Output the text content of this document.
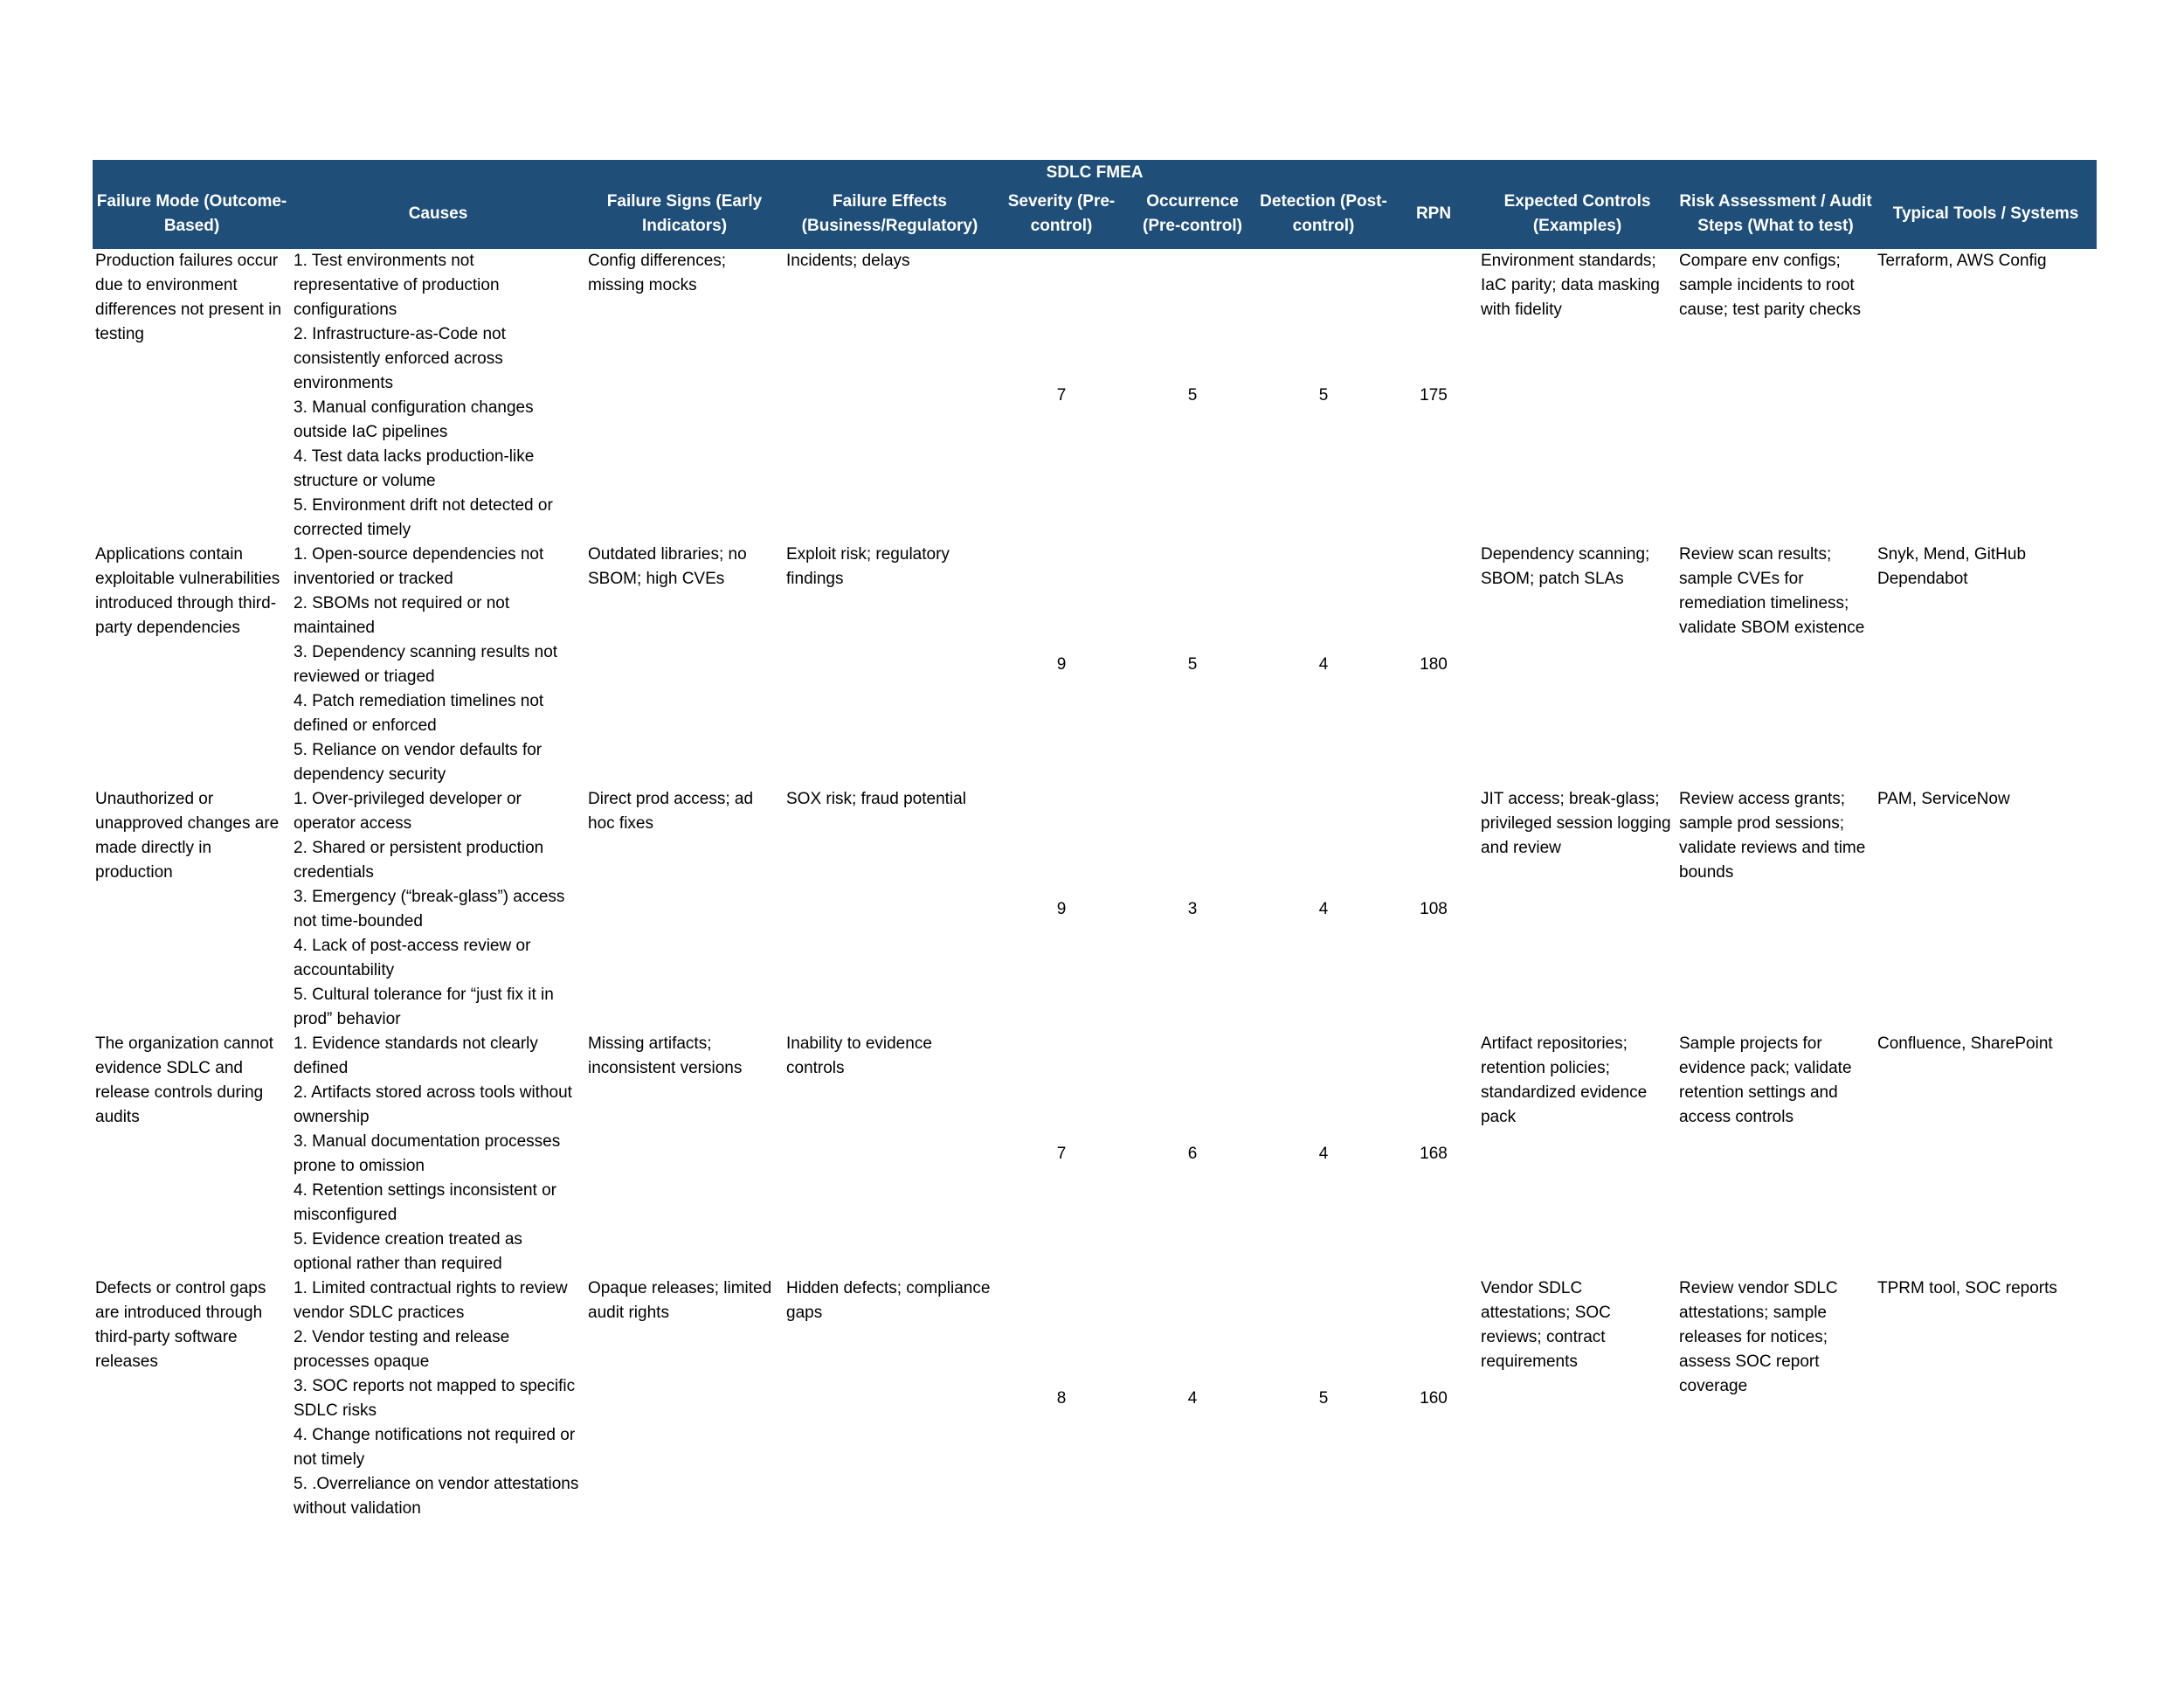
SDLC FMEA										
Failure Mode (Outcome-Based)	Causes	Failure Signs (Early Indicators)	Failure Effects (Business/Regulatory)	Severity (Pre-control)	Occurrence (Pre-control)	Detection (Post-control)	RPN	Expected Controls (Examples)	Risk Assessment / Audit Steps (What to test)	Typical Tools / Systems
Production failures occur due to environment differences not present in testing	1. Test environments not representative of production configurations
2. Infrastructure-as-Code not consistently enforced across environments
3. Manual configuration changes outside IaC pipelines
4. Test data lacks production-like structure or volume
5. Environment drift not detected or corrected timely	Config differences; missing mocks	Incidents; delays	7	5	5	175	Environment standards; IaC parity; data masking with fidelity	Compare env configs; sample incidents to root cause; test parity checks	Terraform, AWS Config
Applications contain exploitable vulnerabilities introduced through third-party dependencies	1. Open-source dependencies not inventoried or tracked
2. SBOMs not required or not maintained
3. Dependency scanning results not reviewed or triaged
4. Patch remediation timelines not defined or enforced
5. Reliance on vendor defaults for dependency security	Outdated libraries; no SBOM; high CVEs	Exploit risk; regulatory findings	9	5	4	180	Dependency scanning; SBOM; patch SLAs	Review scan results; sample CVEs for remediation timeliness; validate SBOM existence	Snyk, Mend, GitHub Dependabot
Unauthorized or unapproved changes are made directly in production	1. Over-privileged developer or operator access
2. Shared or persistent production credentials
3. Emergency (“break-glass”) access not time-bounded
4. Lack of post-access review or accountability
5. Cultural tolerance for “just fix it in prod” behavior	Direct prod access; ad hoc fixes	SOX risk; fraud potential	9	3	4	108	JIT access; break-glass; privileged session logging and review	Review access grants; sample prod sessions; validate reviews and time bounds	PAM, ServiceNow
The organization cannot evidence SDLC and release controls during audits	1. Evidence standards not clearly defined
2. Artifacts stored across tools without ownership
3. Manual documentation processes prone to omission
4. Retention settings inconsistent or misconfigured
5. Evidence creation treated as optional rather than required	Missing artifacts; inconsistent versions	Inability to evidence controls	7	6	4	168	Artifact repositories; retention policies; standardized evidence pack	Sample projects for evidence pack; validate retention settings and access controls	Confluence, SharePoint
Defects or control gaps are introduced through third-party software releases	1. Limited contractual rights to review vendor SDLC practices
2. Vendor testing and release processes opaque
3. SOC reports not mapped to specific SDLC risks
4. Change notifications not required or not timely
5. .Overreliance on vendor attestations without validation	Opaque releases; limited audit rights	Hidden defects; compliance gaps	8	4	5	160	Vendor SDLC attestations; SOC reviews; contract requirements	Review vendor SDLC attestations; sample releases for notices; assess SOC report coverage	TPRM tool, SOC reports
